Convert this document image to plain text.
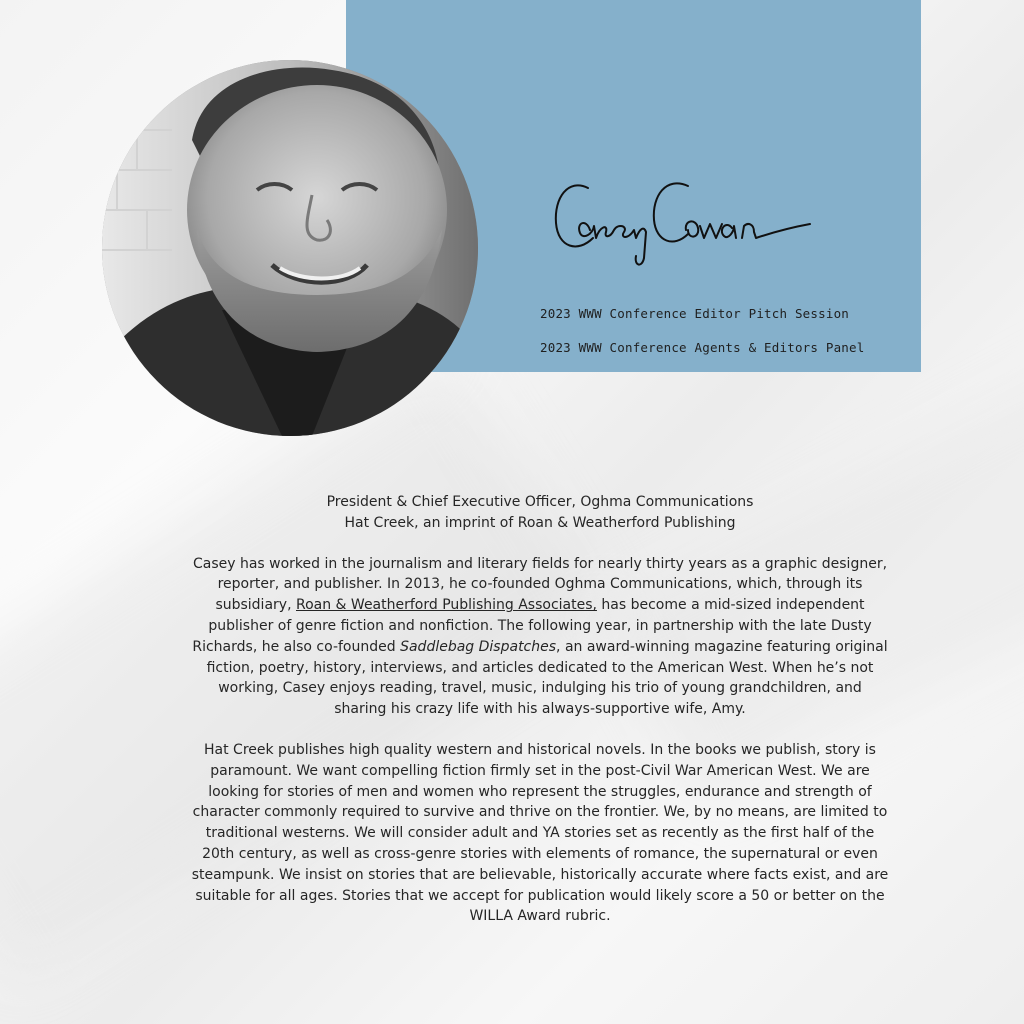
2023 WWW Conference Editor Pitch Session
2023 WWW Conference Agents & Editors Panel

President & Chief Executive Officer, Oghma Communications

Hat Creek, an imprint of Roan & Weatherford Publishing

Casey has worked in the journalism and literary fields for nearly thirty years as a graphic designer, reporter, and publisher. In 2013, he co-founded Oghma Communications, which, through its subsidiary, Roan & Weatherford Publishing Associates, has become a mid-sized independent publisher of genre fiction and nonfiction. The following year, in partnership with the late Dusty Richards, he also co-founded Saddlebag Dispatches, an award-winning magazine featuring original fiction, poetry, history, interviews, and articles dedicated to the American West. When he’s not working, Casey enjoys reading, travel, music, indulging his trio of young grandchildren, and sharing his crazy life with his always-supportive wife, Amy.

Hat Creek publishes high quality western and historical novels. In the books we publish, story is paramount. We want compelling fiction firmly set in the post-Civil War American West. We are looking for stories of men and women who represent the struggles, endurance and strength of character commonly required to survive and thrive on the frontier. We, by no means, are limited to traditional westerns. We will consider adult and YA stories set as recently as the first half of the 20th century, as well as cross-genre stories with elements of romance, the supernatural or even steampunk. We insist on stories that are believable, historically accurate where facts exist, and are suitable for all ages. Stories that we accept for publication would likely score a 50 or better on the WILLA Award rubric.
